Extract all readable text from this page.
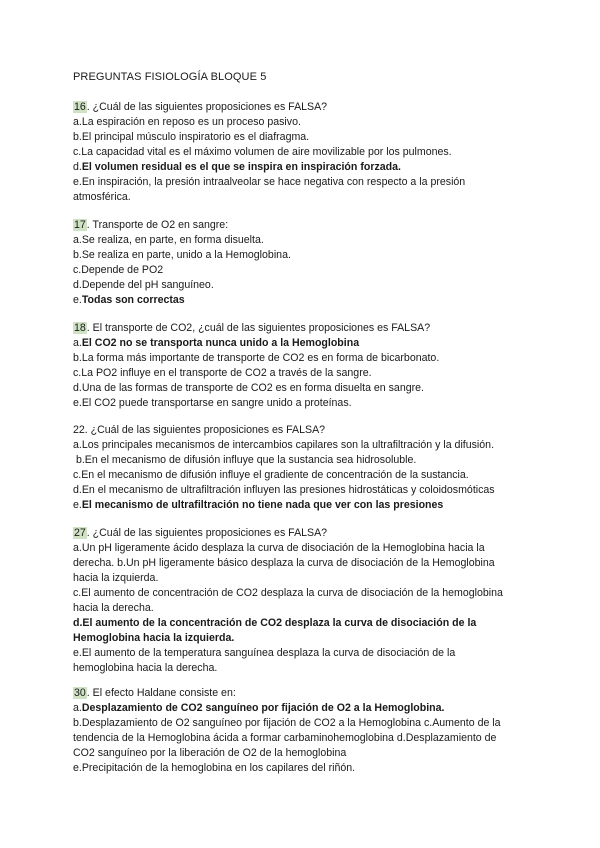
PREGUNTAS FISIOLOGÍA BLOQUE 5
16. ¿Cuál de las siguientes proposiciones es FALSA?
a.La espiración en reposo es un proceso pasivo.
b.El principal músculo inspiratorio es el diafragma.
c.La capacidad vital es el máximo volumen de aire movilizable por los pulmones.
d.El volumen residual es el que se inspira en inspiración forzada.
e.En inspiración, la presión intraalveolar se hace negativa con respecto a la presión
atmosférica.
17. Transporte de O2 en sangre:
a.Se realiza, en parte, en forma disuelta.
b.Se realiza en parte, unido a la Hemoglobina.
c.Depende de PO2
d.Depende del pH sanguíneo.
e.Todas son correctas
18. El transporte de CO2, ¿cuál de las siguientes proposiciones es FALSA?
a.El CO2 no se transporta nunca unido a la Hemoglobina
b.La forma más importante de transporte de CO2 es en forma de bicarbonato.
c.La PO2 influye en el transporte de CO2 a través de la sangre.
d.Una de las formas de transporte de CO2 es en forma disuelta en sangre.
e.El CO2 puede transportarse en sangre unido a proteínas.
22. ¿Cuál de las siguientes proposiciones es FALSA?
a.Los principales mecanismos de intercambios capilares son la ultrafiltración y la difusión.
b.En el mecanismo de difusión influye que la sustancia sea hidrosoluble.
c.En el mecanismo de difusión influye el gradiente de concentración de la sustancia.
d.En el mecanismo de ultrafiltración influyen las presiones hidrostáticas y coloidosmóticas
e.El mecanismo de ultrafiltración no tiene nada que ver con las presiones
27. ¿Cuál de las siguientes proposiciones es FALSA?
a.Un pH ligeramente ácido desplaza la curva de disociación de la Hemoglobina hacia la
derecha. b.Un pH ligeramente básico desplaza la curva de disociación de la Hemoglobina
hacia la izquierda.
c.El aumento de concentración de CO2 desplaza la curva de disociación de la hemoglobina
hacia la derecha.
d.El aumento de la concentración de CO2 desplaza la curva de disociación de la
Hemoglobina hacia la izquierda.
e.El aumento de la temperatura sanguínea desplaza la curva de disociación de la
hemoglobina hacia la derecha.
30. El efecto Haldane consiste en:
a.Desplazamiento de CO2 sanguíneo por fijación de O2 a la Hemoglobina.
b.Desplazamiento de O2 sanguíneo por fijación de CO2 a la Hemoglobina c.Aumento de la
tendencia de la Hemoglobina ácida a formar carbaminohemoglobina d.Desplazamiento de
CO2 sanguíneo por la liberación de O2 de la hemoglobina
e.Precipitación de la hemoglobina en los capilares del riñón.
